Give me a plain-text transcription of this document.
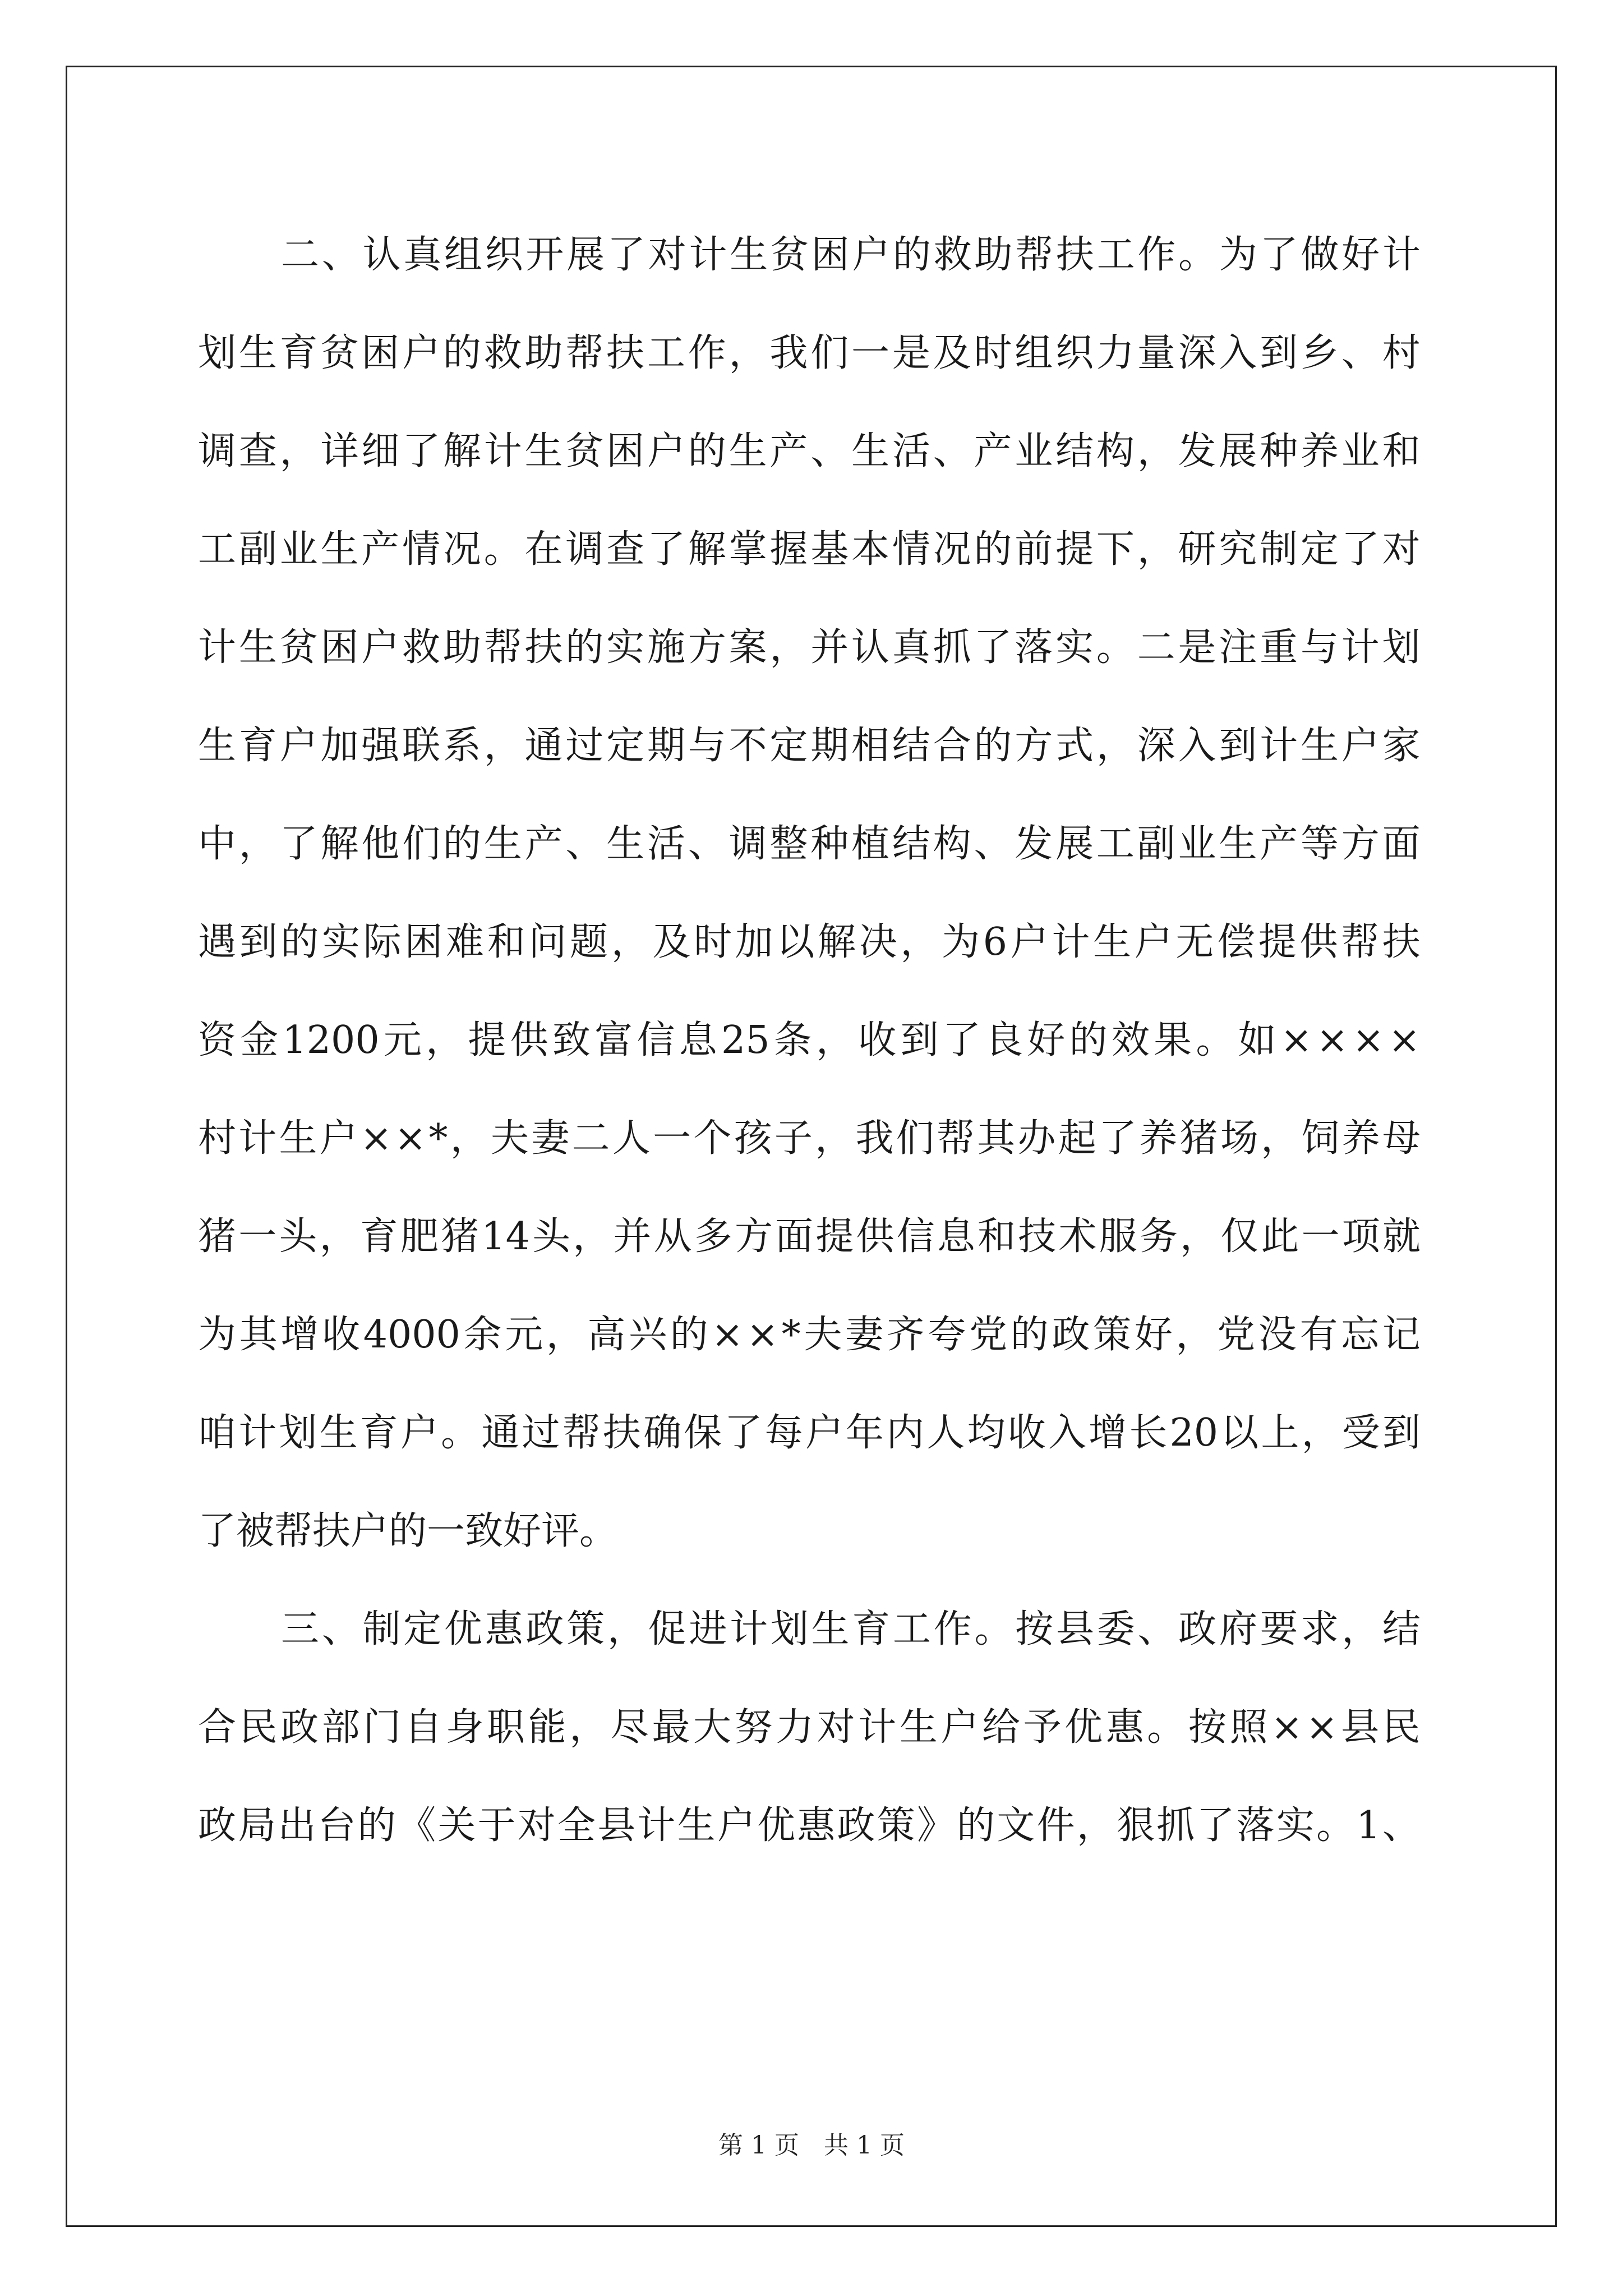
二 、 认 真 组 织 开 展 了 对 计 生 贫 困 户 的 救 助 帮 扶 工 作 。 为 了 做 好 计
划 生 育 贫 困 户 的 救 助 帮 扶 工 作 ， 我 们 一 是 及 时 组 织 力 量 深 入 到 乡 、 村
调 查 ， 详 细 了 解 计 生 贫 困 户 的 生 产 、 生 活 、 产 业 结 构 ， 发 展 种 养 业 和
工 副 业 生 产 情 况 。 在 调 查 了 解 掌 握 基 本 情 况 的 前 提 下 ， 研 究 制 定 了 对
计 生 贫 困 户 救 助 帮 扶 的 实 施 方 案 ， 并 认 真 抓 了 落 实 。 二 是 注 重 与 计 划
生 育 户 加 强 联 系 ， 通 过 定 期 与 不 定 期 相 结 合 的 方 式 ， 深 入 到 计 生 户 家
中 ， 了 解 他 们 的 生 产 、 生 活 、 调 整 种 植 结 构 、 发 展 工 副 业 生 产 等 方 面
遇 到 的 实 际 困 难 和 问 题 ， 及 时 加 以 解 决 ， 为 6 户 计 生 户 无 偿 提 供 帮 扶
资 金 1200 元 ， 提 供 致 富 信 息 25 条 ， 收 到 了 良 好 的 效 果 。 如 × × × ×
村 计 生 户 × × * ， 夫 妻 二 人 一 个 孩 子 ， 我 们 帮 其 办 起 了 养 猪 场 ， 饲 养 母
猪 一 头 ， 育 肥 猪 14 头 ， 并 从 多 方 面 提 供 信 息 和 技 术 服 务 ， 仅 此 一 项 就
为 其 增 收 4000 余 元 ， 高 兴 的 × × * 夫 妻 齐 夸 党 的 政 策 好 ， 党 没 有 忘 记
咱 计 划 生 育 户 。 通 过 帮 扶 确 保 了 每 户 年 内 人 均 收 入 增 长 20 以 上 ， 受 到
了被帮扶户的一致好评。
三 、 制 定 优 惠 政 策 ， 促 进 计 划 生 育 工 作 。 按 县 委 、 政 府 要 求 ， 结
合 民 政 部 门 自 身 职 能 ， 尽 最 大 努 力 对 计 生 户 给 予 优 惠 。 按 照 × × 县 民
政 局 出 台 的 《 关 于 对 全 县 计 生 户 优 惠 政 策 》 的 文 件 ， 狠 抓 了 落 实 。 1 、
第 1 页　共 1 页
